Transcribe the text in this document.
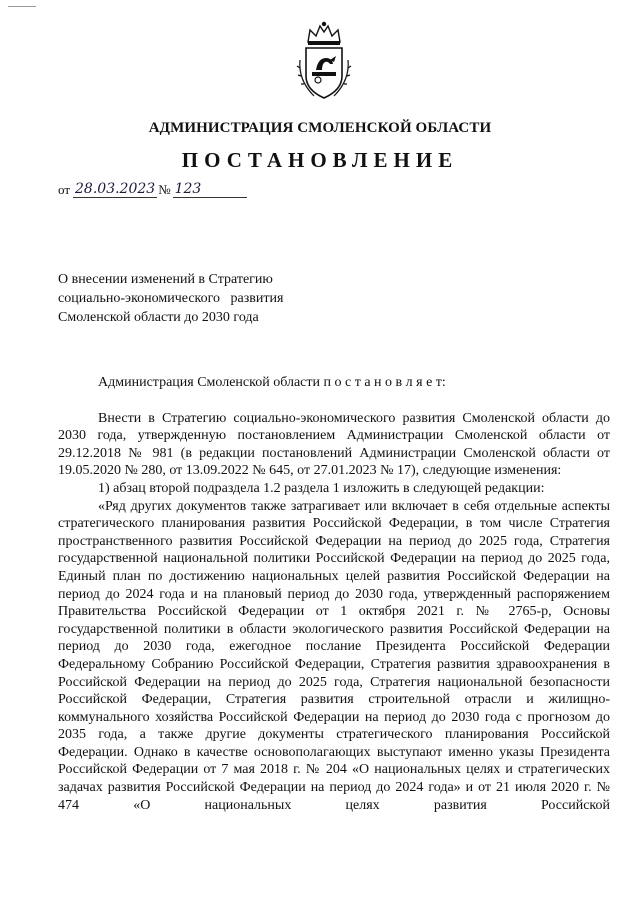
АДМИНИСТРАЦИЯ СМОЛЕНСКОЙ ОБЛАСТИ
ПОСТАНОВЛЕНИЕ
от 28.03.2023 № 123
О внесении изменений в Стратегию
социально-экономического   развития
Смоленской области до 2030 года

Администрация Смоленской области п о с т а н о в л я е т:

Внести в Стратегию социально-экономического развития Смоленской области до 2030 года, утвержденную постановлением Администрации Смоленской области от 29.12.2018 № 981 (в редакции постановлений Администрации Смоленской области от 19.05.2020 № 280, от 13.09.2022 № 645, от 27.01.2023 № 17), следующие изменения:

1) абзац второй подраздела 1.2 раздела 1 изложить в следующей редакции:

«Ряд других документов также затрагивает или включает в себя отдельные аспекты стратегического планирования развития Российской Федерации, в том числе Стратегия пространственного развития Российской Федерации на период до 2025 года, Стратегия государственной национальной политики Российской Федерации на период до 2025 года, Единый план по достижению национальных целей развития Российской Федерации на период до 2024 года и на плановый период до 2030 года, утвержденный распоряжением Правительства Российской Федерации от 1 октября 2021 г. № 2765-р, Основы государственной политики в области экологического развития Российской Федерации на период до 2030 года, ежегодное послание Президента Российской Федерации Федеральному Собранию Российской Федерации, Стратегия развития здравоохранения в Российской Федерации на период до 2025 года, Стратегия национальной безопасности Российской Федерации, Стратегия развития строительной отрасли и жилищно-коммунального хозяйства Российской Федерации на период до 2030 года с прогнозом до 2035 года, а также другие документы стратегического планирования Российской Федерации. Однако в качестве основополагающих выступают именно указы Президента Российской Федерации от 7 мая 2018 г. № 204 «О национальных целях и стратегических задачах развития Российской Федерации на период до 2024 года» и от 21 июля 2020 г. № 474 «О национальных целях развития Российской
